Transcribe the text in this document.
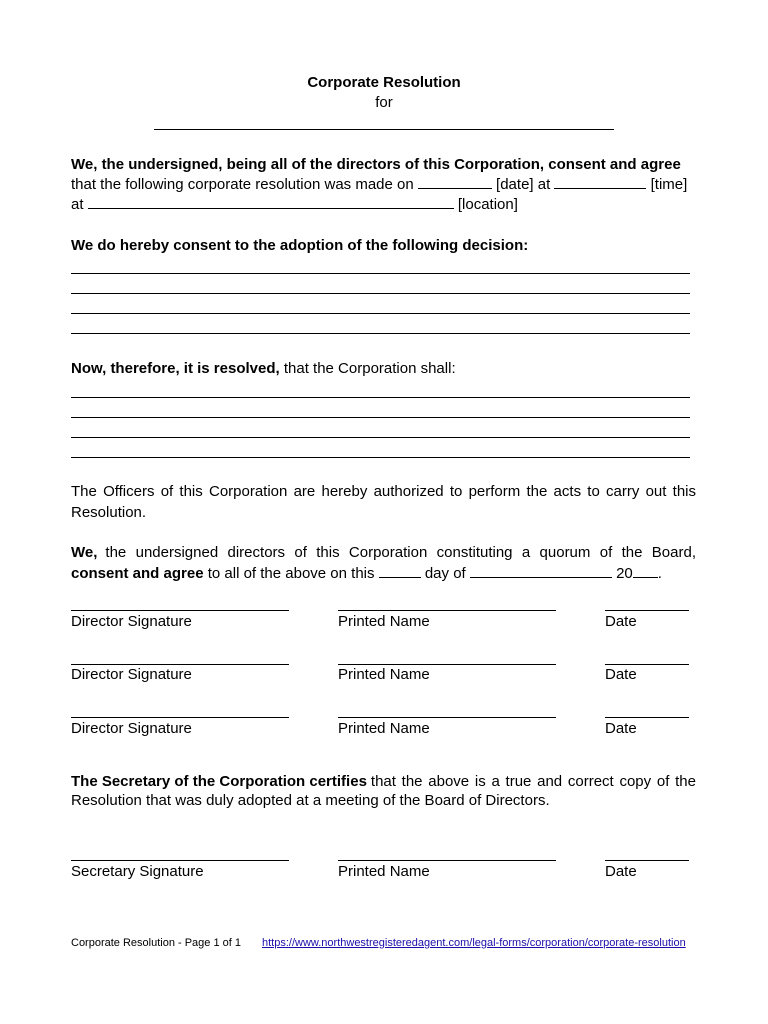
Corporate Resolution
for
We, the undersigned, being all of the directors of this Corporation, consent and agree
that the following corporate resolution was made on	[date] at	[time]
at	[location]
We do hereby consent to the adoption of the following decision:
Now, therefore, it is resolved, that the Corporation shall:
The Officers of this Corporation are hereby authorized to perform the acts to carry out this
Resolution.
We, the undersigned directors of this Corporation constituting a quorum of the Board,
consent and agree to all of the above on this	day of	20 .
Director Signature	Printed Name	Date
Director Signature	Printed Name	Date
Director Signature	Printed Name	Date
The Secretary of the Corporation certifies that the above is a true and correct copy of the
Resolution that was duly adopted at a meeting of the Board of Directors.
Secretary Signature	Printed Name	Date
Corporate Resolution - Page 1 of 1 https://www.northwestregisteredagent.com/legal-forms/corporation/corporate-resolution
